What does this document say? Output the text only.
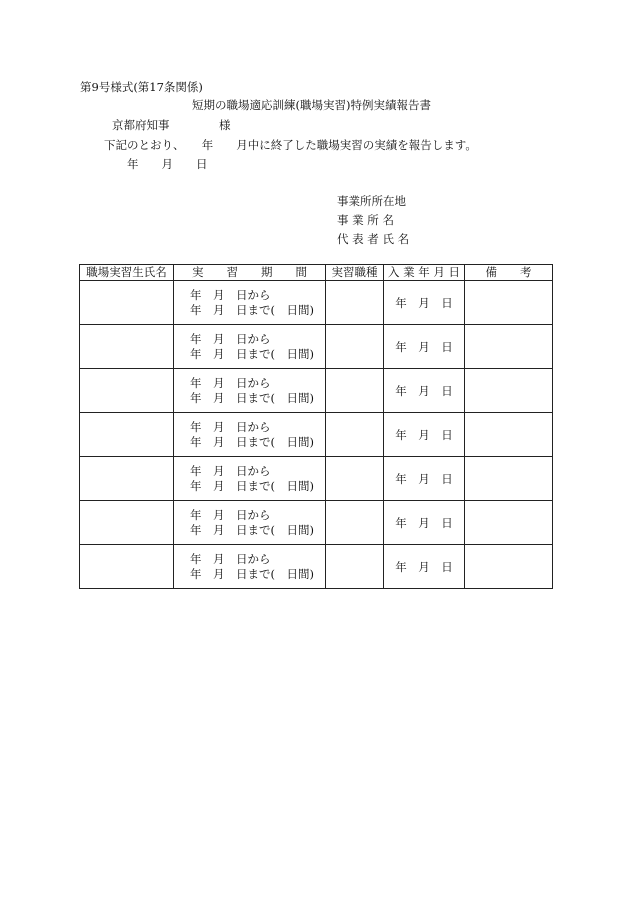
第9号様式(第17条関係)
短期の職場適応訓練(職場実習)特例実績報告書
京都府知事	様
下記のとおり、　　年　　月中に終了した職場実習の実績を報告します。
年　　月　　日
事業所所在地
事 業 所 名
代 表 者 氏 名
職場実習生氏名	実　　習　　期　　間	実習職種	入 業 年 月 日	備　　考

	年　月　日から
年　月　日まで(　日間)		年　月　日	

	年　月　日から
年　月　日まで(　日間)		年　月　日	

	年　月　日から
年　月　日まで(　日間)		年　月　日	

	年　月　日から
年　月　日まで(　日間)		年　月　日	

	年　月　日から
年　月　日まで(　日間)		年　月　日	

	年　月　日から
年　月　日まで(　日間)		年　月　日	

	年　月　日から
年　月　日まで(　日間)		年　月　日	
